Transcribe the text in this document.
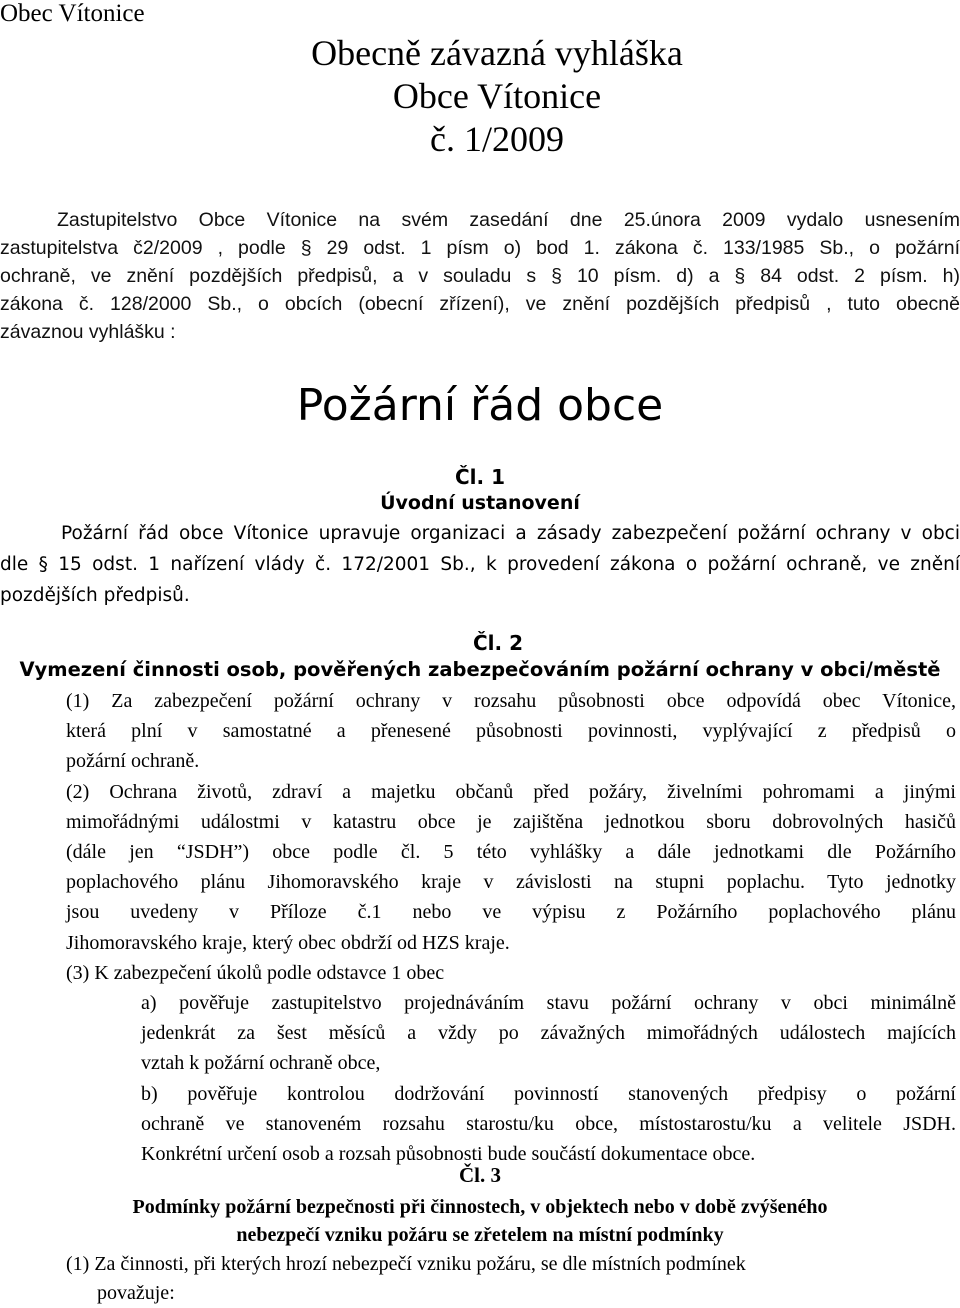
Obec Vítonice
Obecně závazná vyhláška
Obce Vítonice
č. 1/2009
Zastupitelstvo Obce Vítonice na svém zasedání dne 25.února 2009 vydalo usnesením
zastupitelstva č2/2009 , podle § 29 odst. 1 písm o) bod 1. zákona č. 133/1985 Sb., o požární
ochraně, ve znění pozdějších předpisů, a v souladu s § 10 písm. d) a § 84 odst. 2 písm. h)
zákona č. 128/2000 Sb., o obcích (obecní zřízení), ve znění pozdějších předpisů , tuto obecně
závaznou vyhlášku :
Požární řád obce
Čl. 1
Úvodní ustanovení
Požární řád obce Vítonice upravuje organizaci a zásady zabezpečení požární ochrany v obci
dle § 15 odst. 1 nařízení vlády č. 172/2001 Sb., k provedení zákona o požární ochraně, ve znění
pozdějších předpisů.
Čl. 2
Vymezení činnosti osob, pověřených zabezpečováním požární ochrany v obci/městě
(1) Za zabezpečení požární ochrany v rozsahu působnosti obce odpovídá obec Vítonice,
která plní v samostatné a přenesené působnosti povinnosti, vyplývající z předpisů o
požární ochraně.
(2) Ochrana životů, zdraví a majetku občanů před požáry, živelními pohromami a jinými
mimořádnými událostmi v katastru obce je zajištěna jednotkou sboru dobrovolných hasičů
(dále jen “JSDH”) obce podle čl. 5 této vyhlášky a dále jednotkami dle Požárního
poplachového plánu Jihomoravského kraje v závislosti na stupni poplachu. Tyto jednotky
jsou uvedeny v Příloze č.1 nebo ve výpisu z Požárního poplachového plánu
Jihomoravského kraje, který obec obdrží od HZS kraje.
(3) K zabezpečení úkolů podle odstavce 1 obec
a) pověřuje zastupitelstvo projednáváním stavu požární ochrany v obci minimálně
jedenkrát za šest měsíců a vždy po závažných mimořádných událostech majících
vztah k požární ochraně obce,
b) pověřuje kontrolou dodržování povinností stanovených předpisy o požární
ochraně ve stanoveném rozsahu starostu/ku obce, místostarostu/ku a velitele JSDH.
Konkrétní určení osob a rozsah působnosti bude součástí dokumentace obce.
Čl. 3
Podmínky požární bezpečnosti při činnostech, v objektech nebo v době zvýšeného
nebezpečí vzniku požáru se zřetelem na místní podmínky
(1) Za činnosti, při kterých hrozí nebezpečí vzniku požáru, se dle místních podmínek
považuje:
